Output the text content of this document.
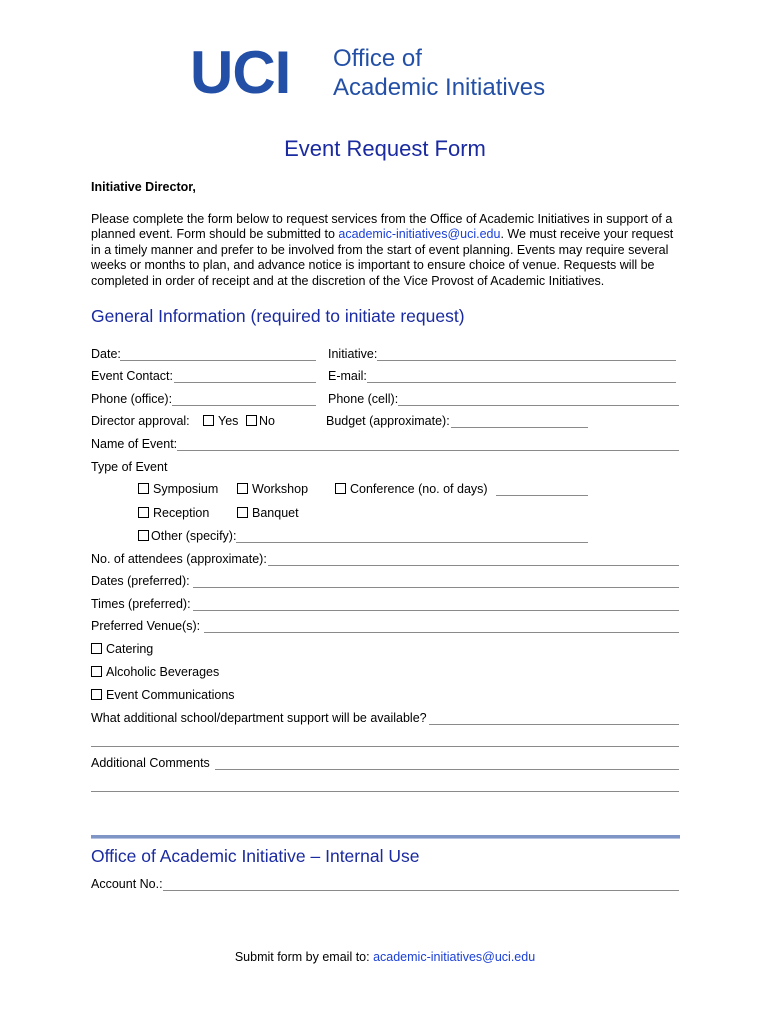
UCI Office of
Academic Initiatives
Event Request Form
Initiative Director,
Please complete the form below to request services from the Office of Academic Initiatives in support of a planned event. Form should be submitted to academic-initiatives@uci.edu. We must receive your request in a timely manner and prefer to be involved from the start of event planning. Events may require several weeks or months to plan, and advance notice is important to ensure choice of venue. Requests will be completed in order of receipt and at the discretion of the Vice Provost of Academic Initiatives.
General Information (required to initiate request)
Date:	Initiative:
Event Contact:	E-mail:
Phone (office):	Phone (cell):
Director approval:	Yes	No	Budget (approximate):
Name of Event:
Type of Event
Symposium	Workshop	Conference (no. of days)
Reception	Banquet
Other (specify):
No. of attendees (approximate):
Dates (preferred):
Times (preferred):
Preferred Venue(s):
Catering
Alcoholic Beverages
Event Communications
What additional school/department support will be available?
Additional Comments
Office of Academic Initiative – Internal Use
Account No.:
Submit form by email to: academic-initiatives@uci.edu
